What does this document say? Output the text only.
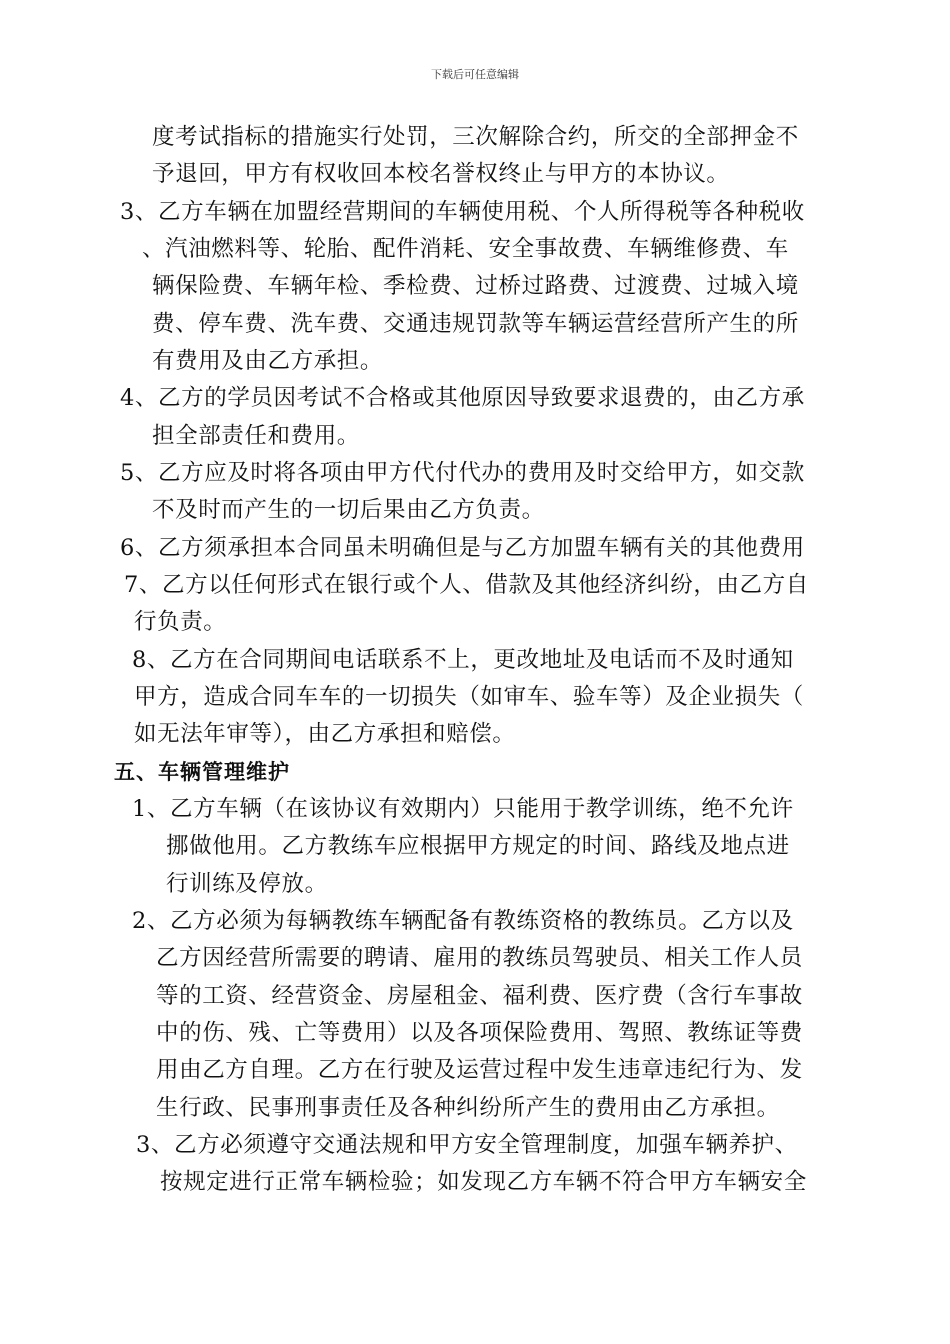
下载后可任意编辑
度考试指标的措施实行处罚，三次解除合约，所交的全部押金不
予退回，甲方有权收回本校名誉权终止与甲方的本协议。
3、乙方车辆在加盟经营期间的车辆使用税、个人所得税等各种税收
、汽油燃料等、轮胎、配件消耗、安全事故费、车辆维修费、车
辆保险费、车辆年检、季检费、过桥过路费、过渡费、过城入境
费、停车费、洗车费、交通违规罚款等车辆运营经营所产生的所
有费用及由乙方承担。
4、乙方的学员因考试不合格或其他原因导致要求退费的，由乙方承
担全部责任和费用。
5、乙方应及时将各项由甲方代付代办的费用及时交给甲方，如交款
不及时而产生的一切后果由乙方负责。
6、乙方须承担本合同虽未明确但是与乙方加盟车辆有关的其他费用
7、乙方以任何形式在银行或个人、借款及其他经济纠纷，由乙方自
行负责。
8、乙方在合同期间电话联系不上，更改地址及电话而不及时通知
甲方，造成合同车车的一切损失（如审车、验车等）及企业损失（
如无法年审等），由乙方承担和赔偿。
五、车辆管理维护
1、乙方车辆（在该协议有效期内）只能用于教学训练，绝不允许
挪做他用。乙方教练车应根据甲方规定的时间、路线及地点进
行训练及停放。
2、乙方必须为每辆教练车辆配备有教练资格的教练员。乙方以及
乙方因经营所需要的聘请、雇用的教练员驾驶员、相关工作人员
等的工资、经营资金、房屋租金、福利费、医疗费（含行车事故
中的伤、残、亡等费用）以及各项保险费用、驾照、教练证等费
用由乙方自理。乙方在行驶及运营过程中发生违章违纪行为、发
生行政、民事刑事责任及各种纠纷所产生的费用由乙方承担。
3、乙方必须遵守交通法规和甲方安全管理制度，加强车辆养护、
按规定进行正常车辆检验；如发现乙方车辆不符合甲方车辆安全
